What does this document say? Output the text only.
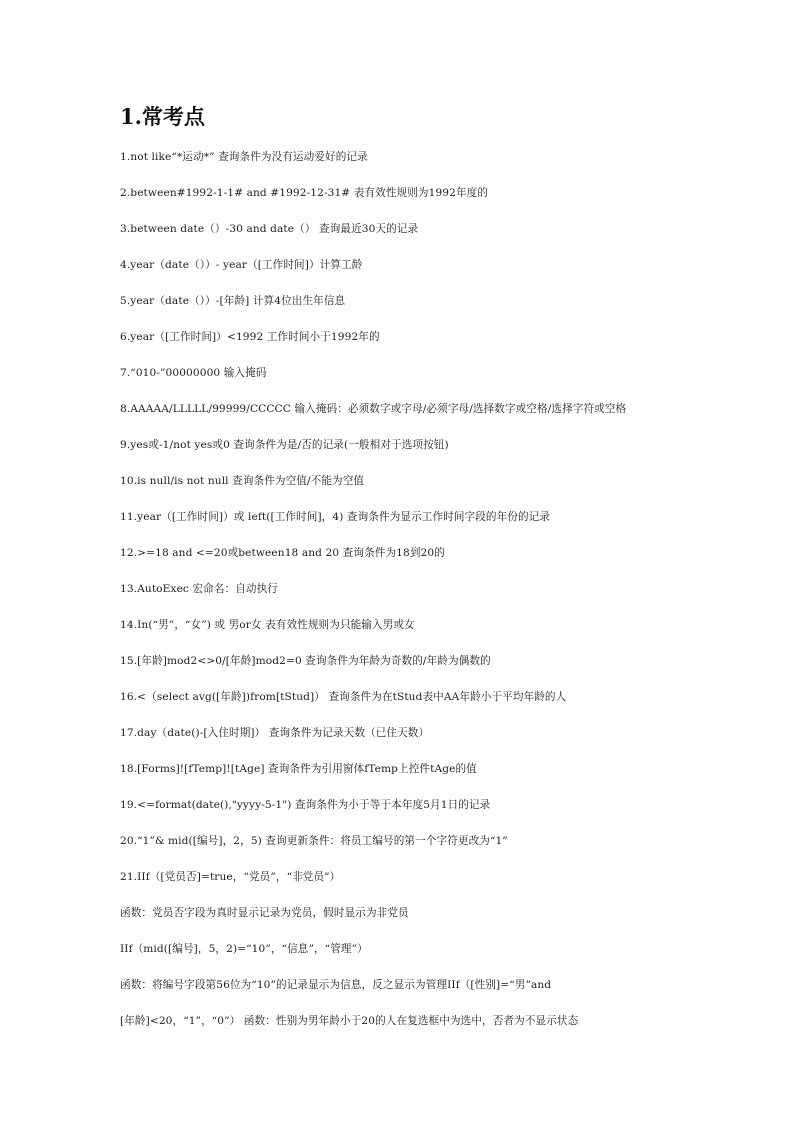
1.常考点
1.not like“*运动*” 查询条件为没有运动爱好的记录
2.between#1992-1-1# and #1992-12-31# 表有效性规则为1992年度的
3.between date（）-30 and date（） 查询最近30天的记录
4.year（date（））- year（[工作时间]）计算工龄
5.year（date（））-[年龄] 计算4位出生年信息
6.year（[工作时间]）<1992 工作时间小于1992年的
7.“010-”00000000 输入掩码
8.AAAAA/LLLLL/99999/CCCCC 输入掩码：必须数字或字母/必须字母/选择数字或空格/选择字符或空格
9.yes或-1/not yes或0 查询条件为是/否的记录(一般相对于选项按钮)
10.is null/is not null 查询条件为空值/不能为空值
11.year（[工作时间]）或 left([工作时间]，4) 查询条件为显示工作时间字段的年份的记录
12.>=18 and <=20或between18 and 20 查询条件为18到20的
13.AutoExec 宏命名：自动执行
14.In(“男”，“女”) 或 男or女 表有效性规则为只能输入男或女
15.[年龄]mod2<>0/[年龄]mod2=0 查询条件为年龄为奇数的/年龄为偶数的
16.<（select avg([年龄])from[tStud]） 查询条件为在tStud表中AA年龄小于平均年龄的人
17.day（date()-[入住时期]） 查询条件为记录天数（已住天数）
18.[Forms]![fTemp]![tAge] 查询条件为引用窗体fTemp上控件tAge的值
19.<=format(date(),"yyyy-5-1") 查询条件为小于等于本年度5月1日的记录
20.“1”& mid([编号]，2，5) 查询更新条件：将员工编号的第一个字符更改为“1”
21.IIf（[党员否]=true，“党员”，“非党员”）
函数：党员否字段为真时显示记录为党员，假时显示为非党员
IIf（mid([编号]，5，2)=“10”，“信息”，“管理”）
函数：将编号字段第56位为“10”的记录显示为信息，反之显示为管理IIf（[性别]=“男”and
[年龄]<20，“1”，“0”） 函数：性别为男年龄小于20的人在复选框中为选中，否者为不显示状态
